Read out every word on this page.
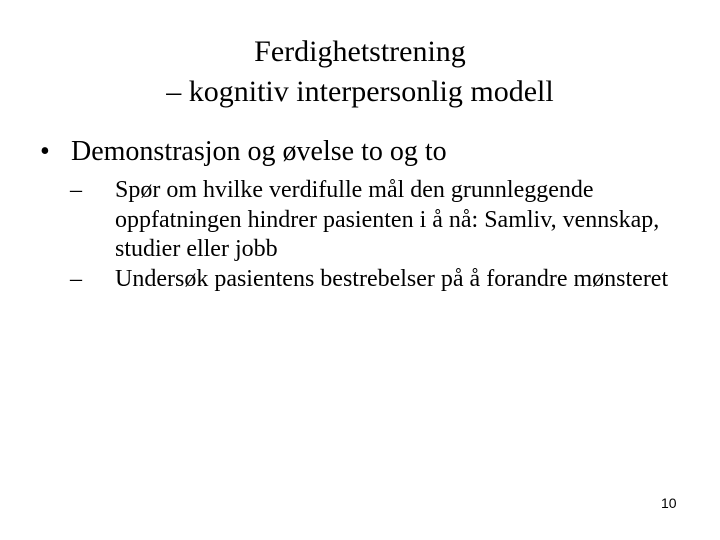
Ferdighetstrening
– kognitiv interpersonlig modell
• Demonstrasjon og øvelse to og to
– Spør om hvilke verdifulle mål den grunnleggende oppfatningen hindrer pasienten i å nå: Samliv, vennskap, studier eller jobb
– Undersøk pasientens bestrebelser på å forandre mønsteret
10
